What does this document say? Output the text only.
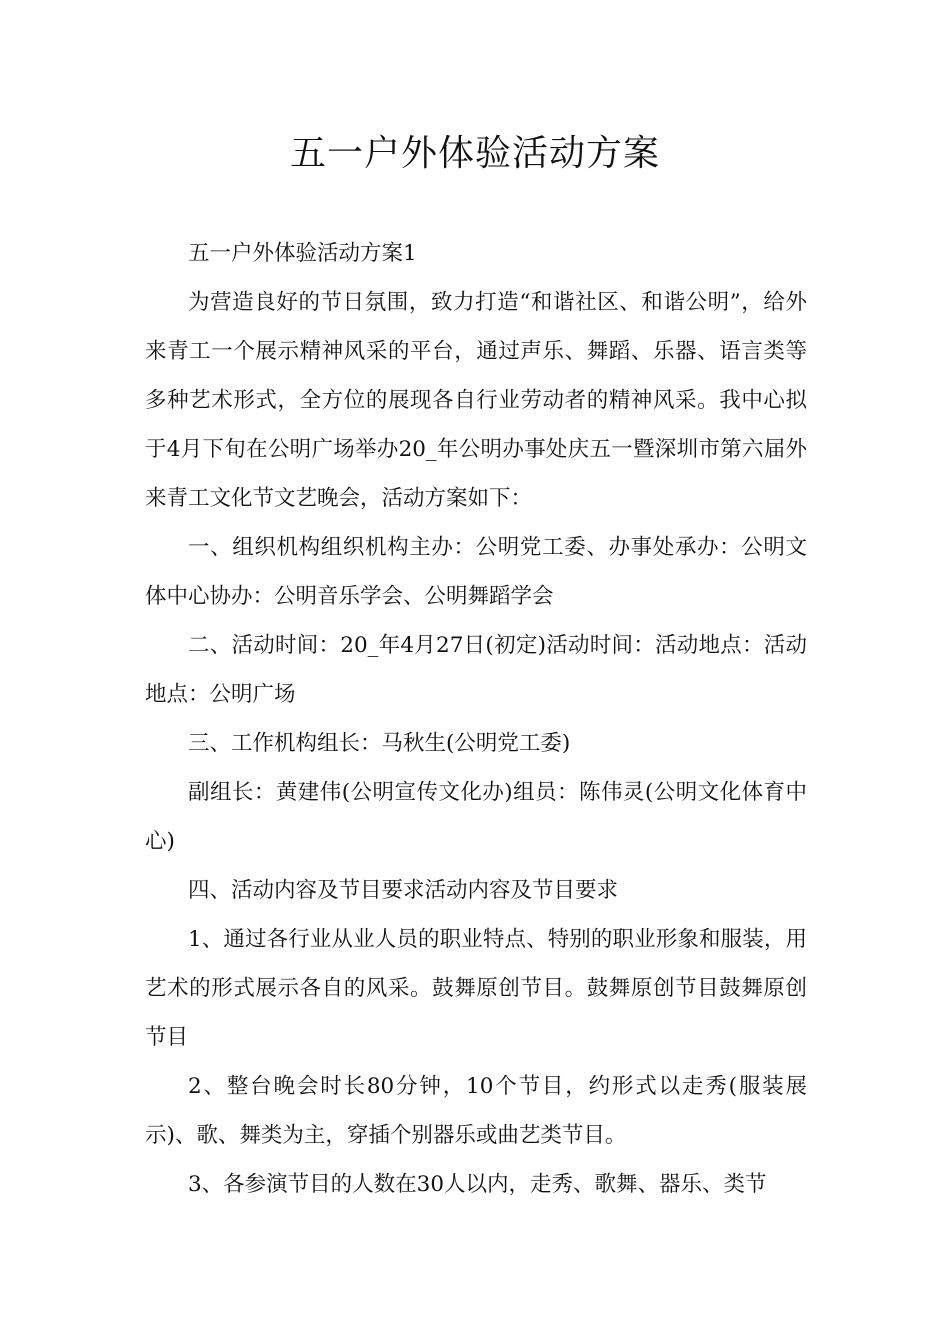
五一户外体验活动方案

五一户外体验活动方案1

为营造良好的节日氛围，致力打造“和谐社区、和谐公明”，给外来青工一个展示精神风采的平台，通过声乐、舞蹈、乐器、语言类等多种艺术形式，全方位的展现各自行业劳动者的精神风采。我中心拟于4月下旬在公明广场举办20_年公明办事处庆五一暨深圳市第六届外来青工文化节文艺晚会，活动方案如下：

一、组织机构组织机构主办：公明党工委、办事处承办：公明文体中心协办：公明音乐学会、公明舞蹈学会

二、活动时间：20_年4月27日(初定)活动时间：活动地点：活动地点：公明广场

三、工作机构组长：马秋生(公明党工委)

副组长：黄建伟(公明宣传文化办)组员：陈伟灵(公明文化体育中心)

四、活动内容及节目要求活动内容及节目要求

1、通过各行业从业人员的职业特点、特别的职业形象和服装，用艺术的形式展示各自的风采。鼓舞原创节目。鼓舞原创节目鼓舞原创节目

2、整台晚会时长80分钟，10个节目，约形式以走秀(服装展示)、歌、舞类为主，穿插个别器乐或曲艺类节目。

3、各参演节目的人数在30人以内，走秀、歌舞、器乐、类节
